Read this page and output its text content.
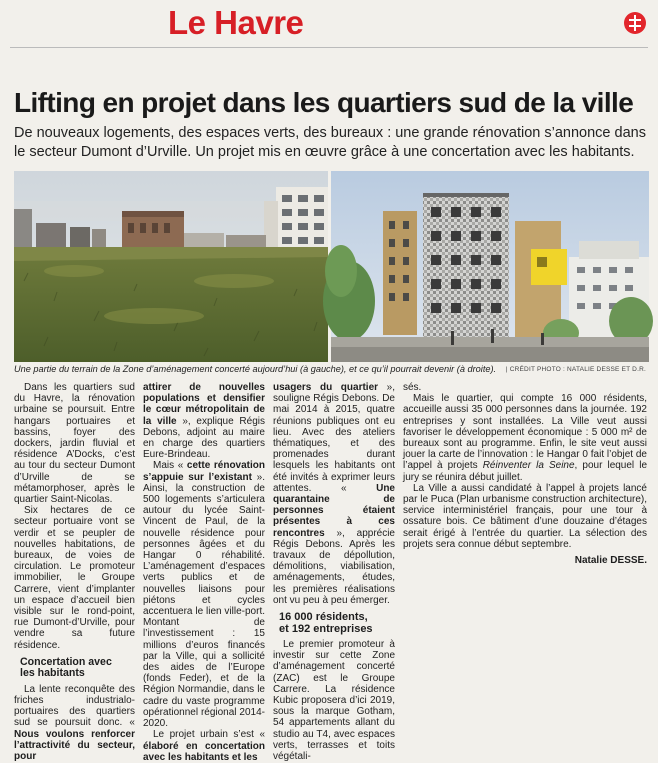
Le Havre
Lifting en projet dans les quartiers sud de la ville
De nouveaux logements, des espaces verts, des bureaux : une grande rénovation s’annonce dans
le secteur Dumont d’Urville. Un projet mis en œuvre grâce à une concertation avec les habitants.
Une partie du terrain de la Zone d’aménagement concerté aujourd’hui (à gauche), et ce qu’il pourrait devenir (à droite). | CRÉDIT PHOTO : NATALIE DESSE ET D.R.

Dans les quartiers sud du Havre, la rénovation urbaine se poursuit. Entre hangars portuaires et bassins, foyer des dockers, jardin fluvial et résidence A’Docks, c’est au tour du secteur Dumont d’Urville de se métamorphoser, après le quartier Saint-Nicolas.

Six hectares de ce secteur portuaire vont se verdir et se peupler de nouvelles habitations, de bureaux, de voies de circulation. Le promoteur immobilier, le Groupe Carrere, vient d’implanter un espace d’accueil bien visible sur le rond-point, rue Dumont-d’Urville, pour vendre sa future résidence.

Concertation avec
les habitants

La lente reconquête des friches industrialo-portuaires des quartiers sud se poursuit donc. « Nous voulons renforcer l’attractivité du secteur, pour

attirer de nouvelles populations et densifier le cœur métropolitain de la ville », explique Régis Debons, adjoint au maire en charge des quartiers Eure-Brindeau.

Mais « cette rénovation s’appuie sur l’existant ». Ainsi, la construction de 500 logements s’articulera autour du lycée Saint-Vincent de Paul, de la nouvelle résidence pour personnes âgées et du Hangar 0 réhabilité. L’aménagement d’espaces verts publics et de nouvelles liaisons pour piétons et cycles accentuera le lien ville-port. Montant de l’investissement : 15 millions d’euros financés par la Ville, qui a sollicité des aides de l’Europe (fonds Feder), et de la Région Normandie, dans le cadre du vaste programme opérationnel régional 2014-2020.

Le projet urbain s’est « élaboré en concertation avec les habitants et les

usagers du quartier », souligne Régis Debons. De mai 2014 à 2015, quatre réunions publiques ont eu lieu. Avec des ateliers thématiques, et des promenades durant lesquels les habitants ont été invités à exprimer leurs attentes. « Une quarantaine de personnes étaient présentes à ces rencontres », apprécie Régis Debons. Après les travaux de dépollution, démolitions, viabilisation, aménagements, études, les premières réalisations ont vu peu à peu émerger.

16 000 résidents,
et 192 entreprises

Le premier promoteur à investir sur cette Zone d’aménagement concerté (ZAC) est le Groupe Carrere. La résidence Kubic proposera d’ici 2019, sous la marque Gotham, 54 appartements allant du studio au T4, avec espaces verts, terrasses et toits végétali-

sés.

Mais le quartier, qui compte 16 000 résidents, accueille aussi 35 000 personnes dans la journée. 192 entreprises y sont installées. La Ville veut aussi favoriser le développement économique : 5 000 m² de bureaux sont au programme. Enfin, le site veut aussi jouer la carte de l’innovation : le Hangar 0 fait l’objet de l’appel à projets Réinventer la Seine, pour lequel le jury se réunira début juillet.

La Ville a aussi candidaté à l’appel à projets lancé par le Puca (Plan urbanisme construction architecture), service interministériel français, pour une tour à ossature bois. Ce bâtiment d’une douzaine d’étages serait érigé à l’entrée du quartier. La sélection des projets sera connue début septembre.

Natalie DESSE.
